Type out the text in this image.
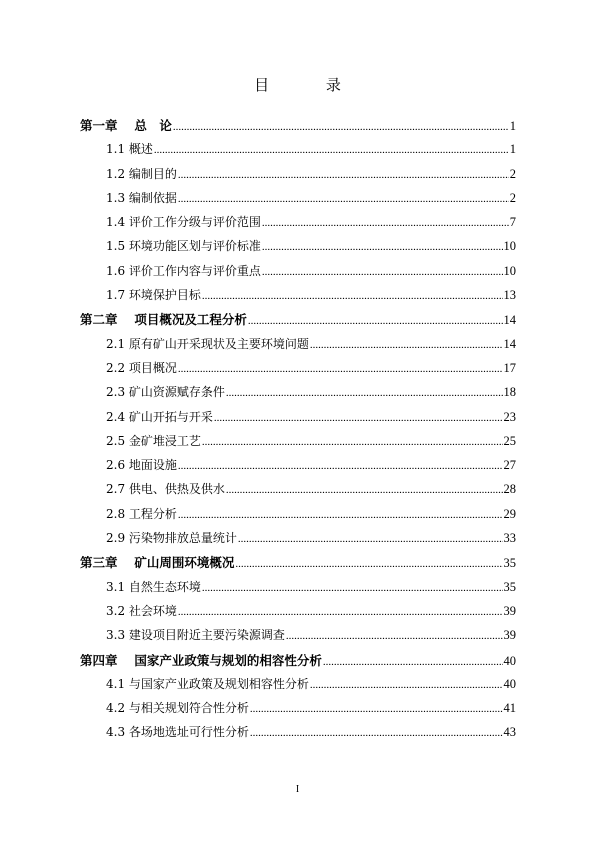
目 录
第一章　 总　论 .....	1
1.1 概述 .....	1
1.2 编制目的 .....	2
1.3 编制依据 .....	2
1.4 评价工作分级与评价范围 .....	7
1.5 环境功能区划与评价标准 .....	10
1.6 评价工作内容与评价重点 .....	10
1.7 环境保护目标 .....	13
第二章　 项目概况及工程分析 .....	14
2.1 原有矿山开采现状及主要环境问题 .....	14
2.2 项目概况 .....	17
2.3 矿山资源赋存条件 .....	18
2.4 矿山开拓与开采 .....	23
2.5 金矿堆浸工艺 .....	25
2.6 地面设施 .....	27
2.7 供电、供热及供水 .....	28
2.8 工程分析 .....	29
2.9 污染物排放总量统计 .....	33
第三章　 矿山周围环境概况 .....	35
3.1 自然生态环境 .....	35
3.2 社会环境 .....	39
3.3 建设项目附近主要污染源调查 .....	39
第四章　 国家产业政策与规划的相容性分析 .....	40
4.1 与国家产业政策及规划相容性分析 .....	40
4.2 与相关规划符合性分析 .....	41
4.3 各场地选址可行性分析 .....	43
I
